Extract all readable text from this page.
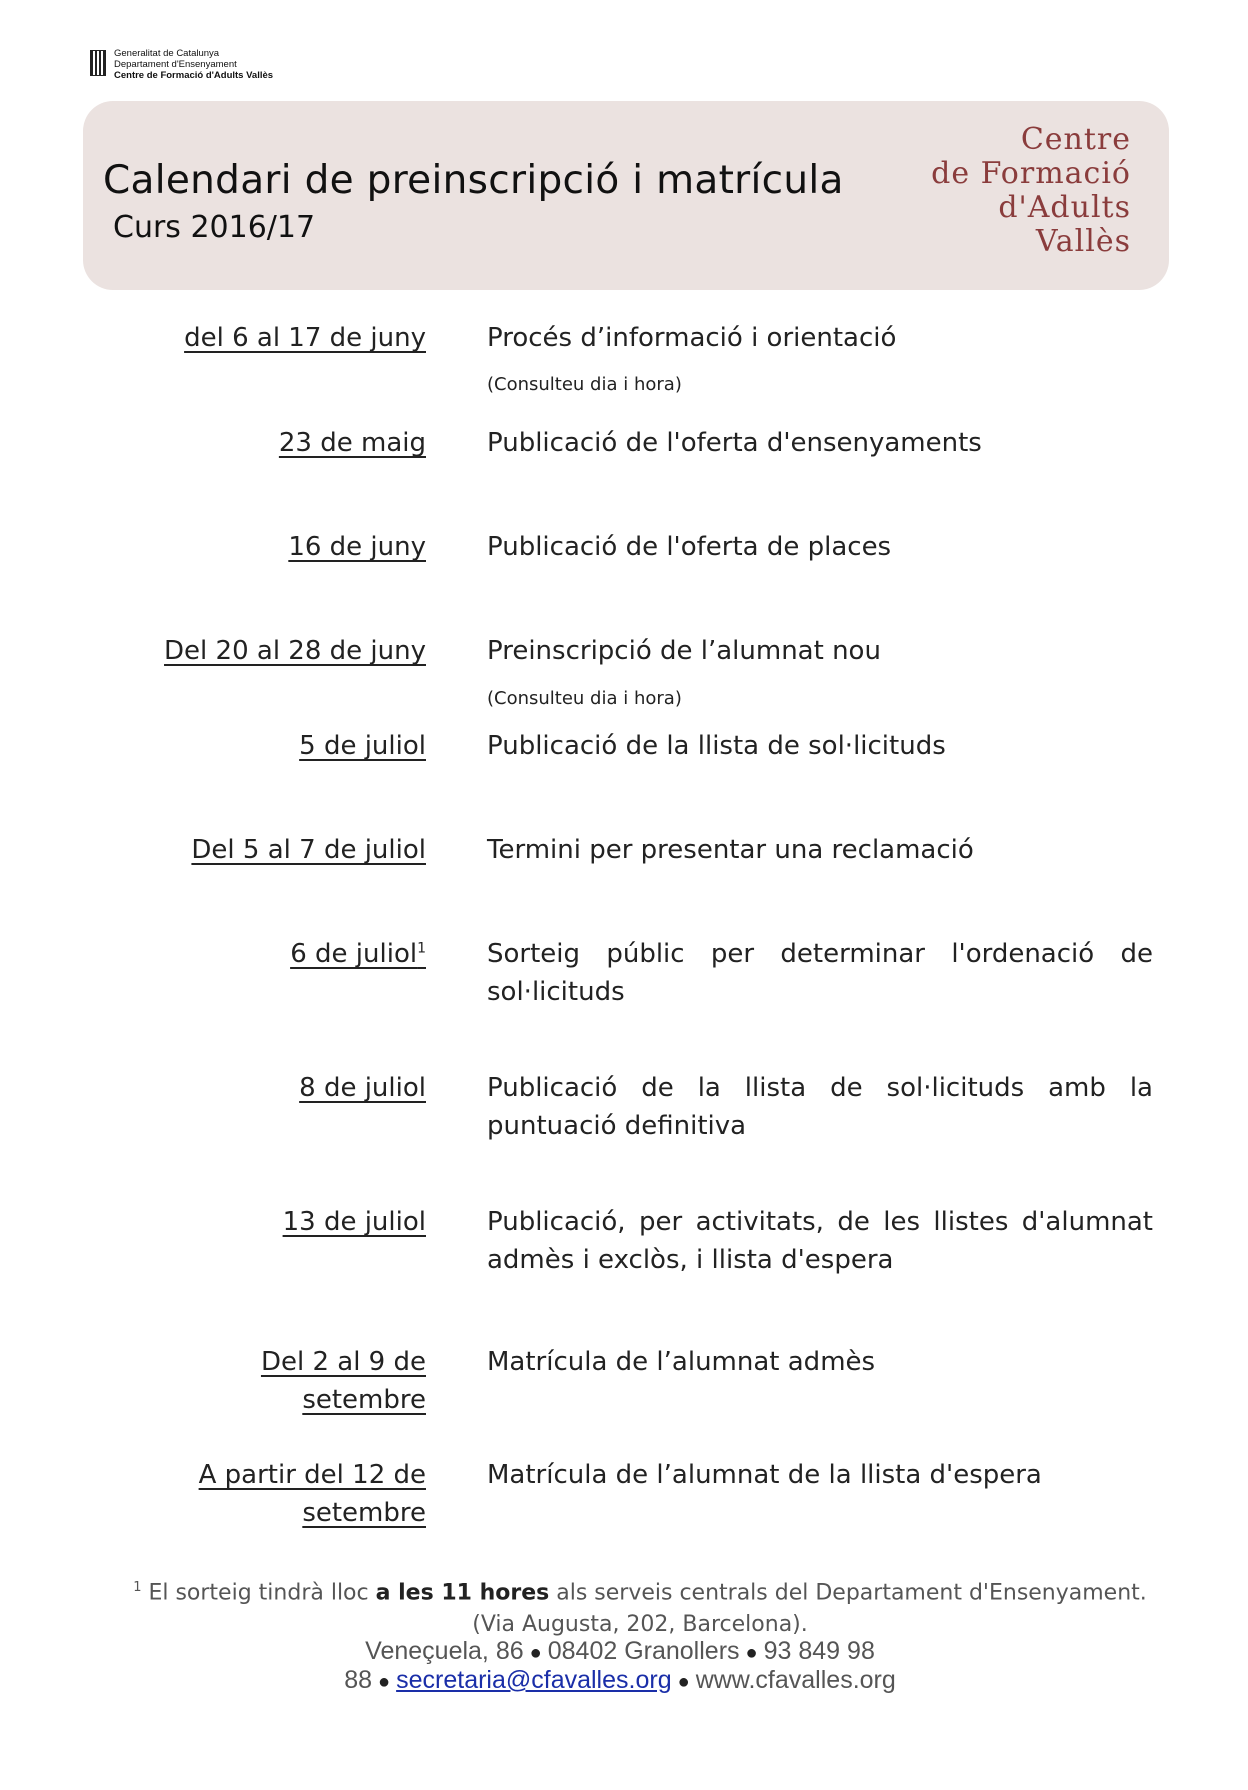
Generalitat de Catalunya
Departament d'Ensenyament
Centre de Formació d'Adults Vallès
Calendari de preinscripció i matrícula
Curs 2016/17
Centre
de Formació
d'Adults
Vallès
del 6 al 17 de juny Procés d’informació i orientació
(Consulteu dia i hora)
23 de maig Publicació de l'oferta d'ensenyaments
16 de juny Publicació de l'oferta de places
Del 20 al 28 de juny Preinscripció de l’alumnat nou
(Consulteu dia i hora)
5 de juliol Publicació de la llista de sol·licituds
Del 5 al 7 de juliol Termini per presentar una reclamació
6 de juliol$^1$ Sorteig públic per determinar l'ordenació de sol·licituds
8 de juliol Publicació de la llista de sol·licituds amb la puntuació definitiva
13 de juliol Publicació, per activitats, de les llistes d'alumnat admès i exclòs, i llista d'espera
Del 2 al 9 de
setembre
Matrícula de l’alumnat admès
A partir del 12 de
setembre
Matrícula de l’alumnat de la llista d'espera
$^1$ El sorteig tindrà lloc a les 11 hores als serveis centrals del Departament d'Ensenyament.
(Via Augusta, 202, Barcelona).
Veneçuela, 86 ● 08402 Granollers ● 93 849 98 88 ● secretaria@cfavalles.org ● www.cfavalles.org
